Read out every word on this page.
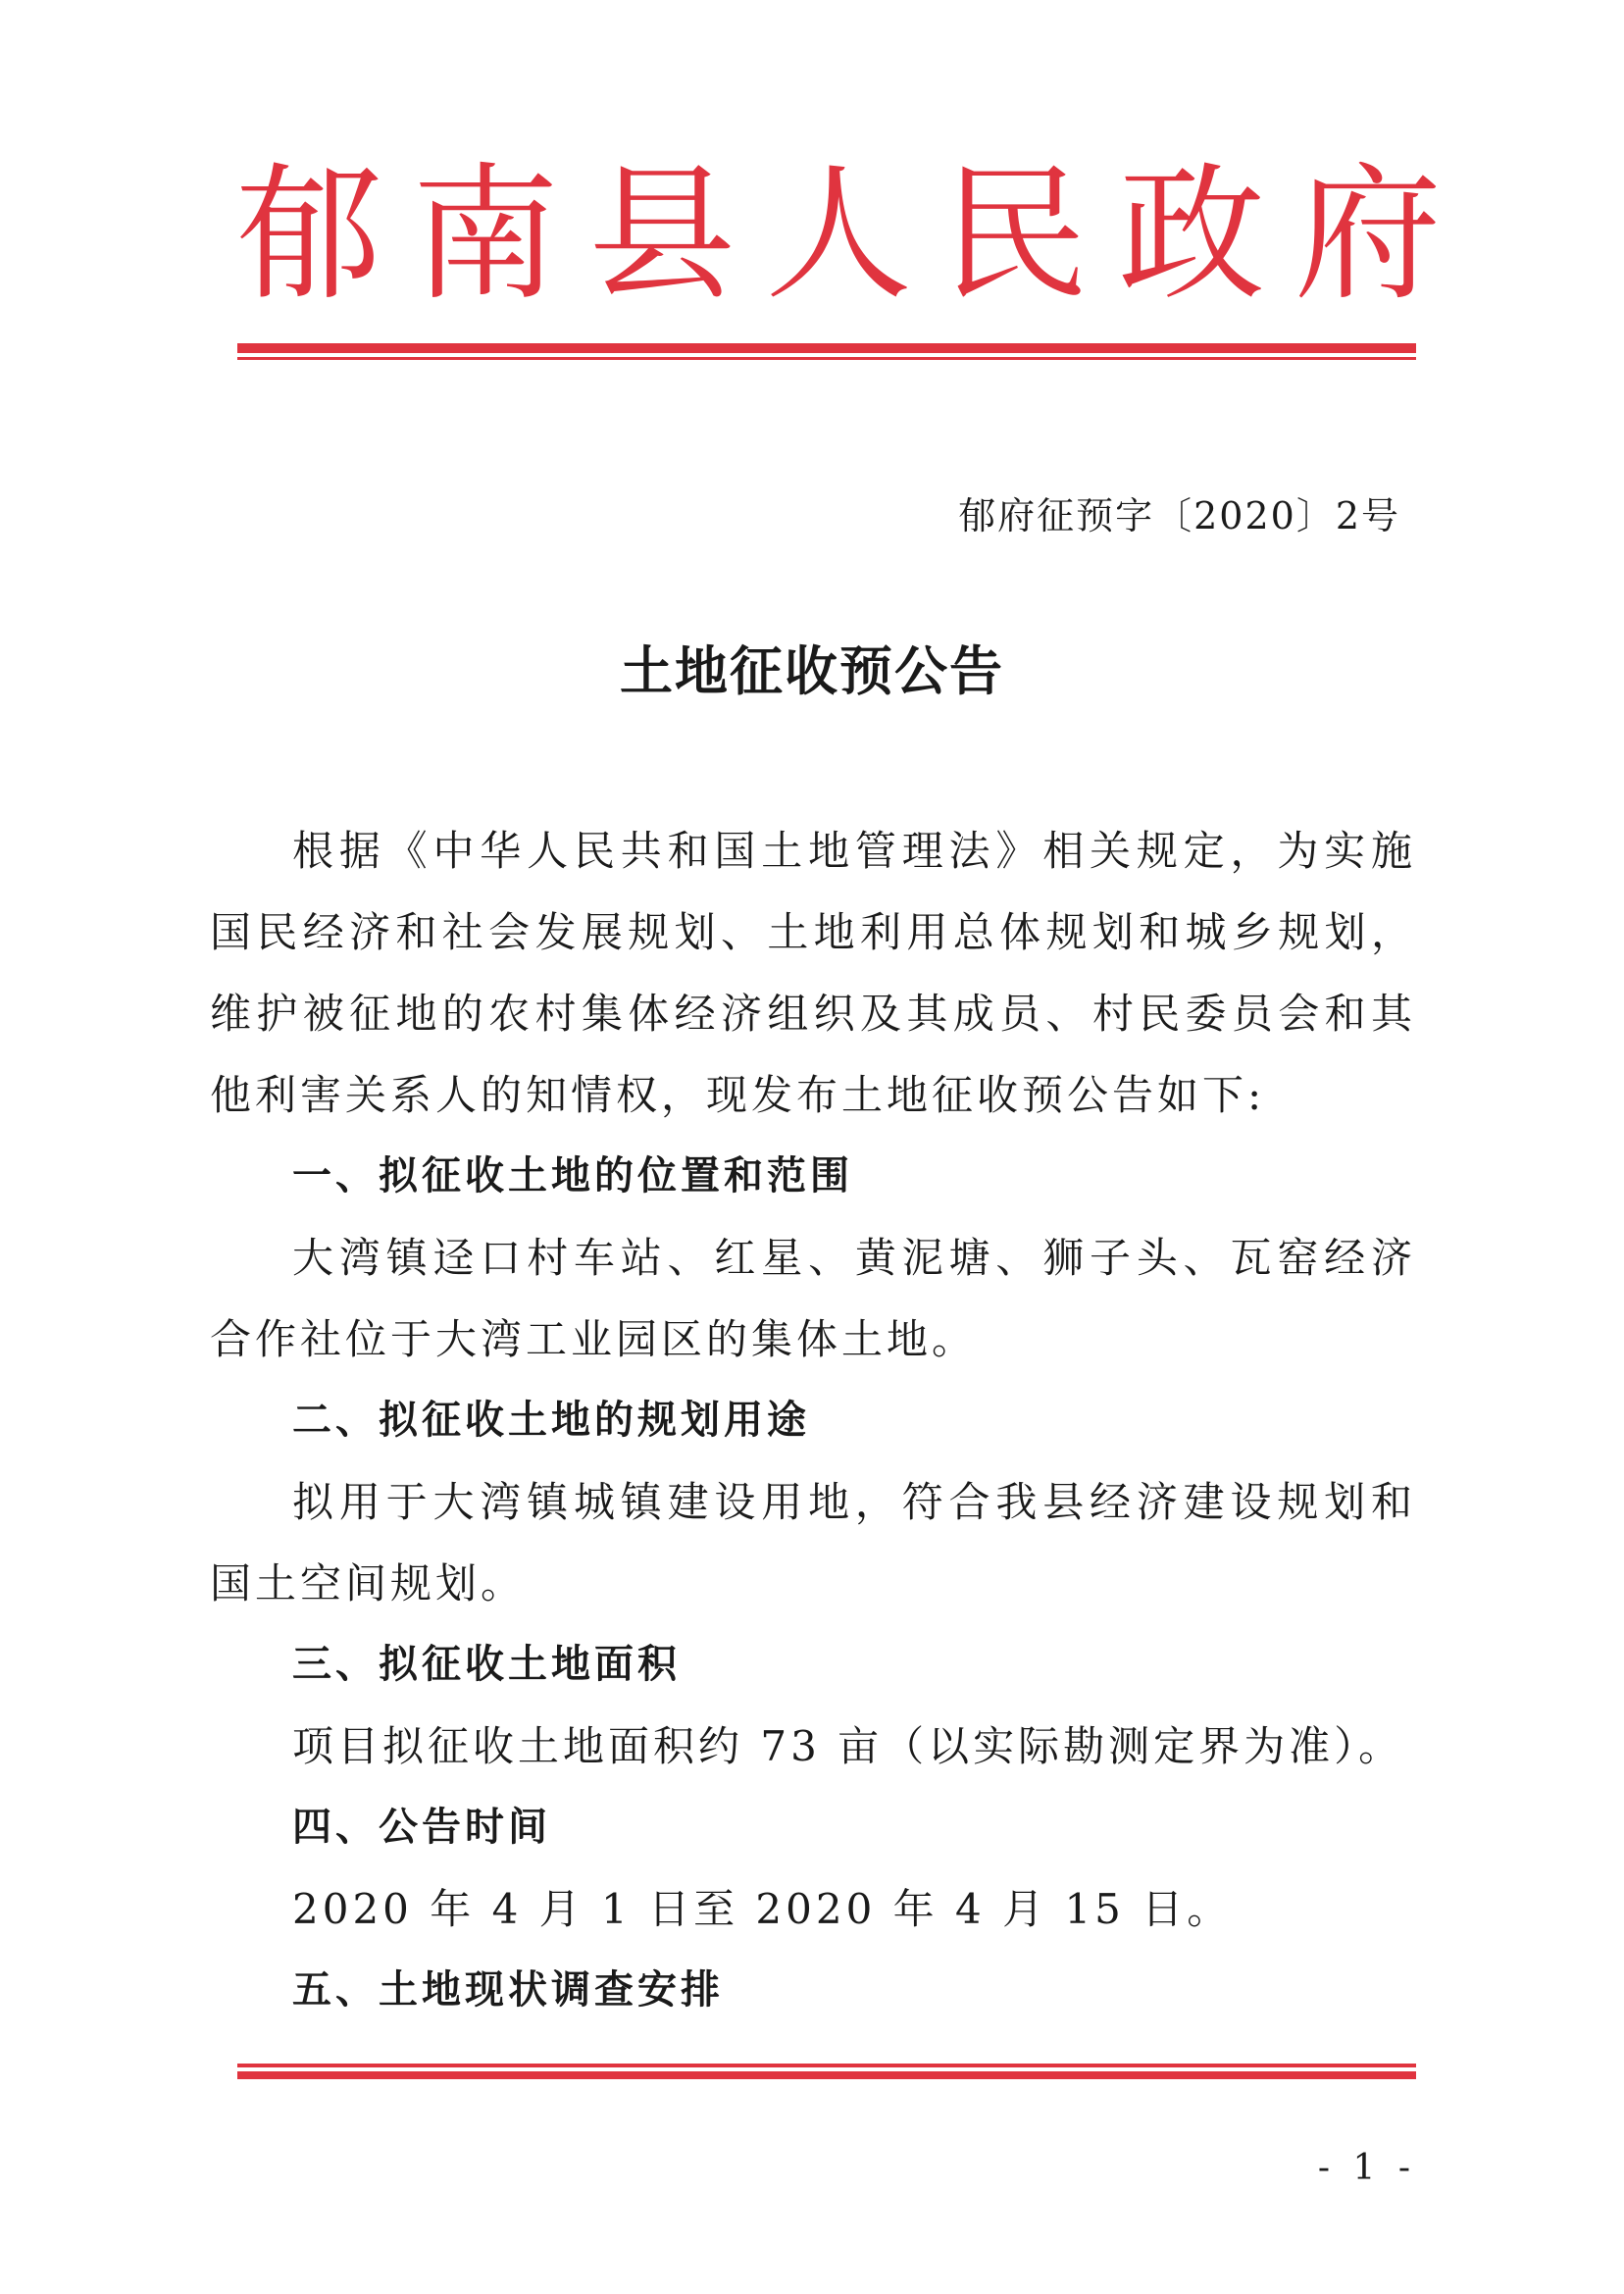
郁南县人民政府
郁府征预字〔2020〕2号
土地征收预公告

根据《中华人民共和国土地管理法》相关规定，为实施国民经济和社会发展规划、土地利用总体规划和城乡规划，维护被征地的农村集体经济组织及其成员、村民委员会和其他利害关系人的知情权，现发布土地征收预公告如下:

一、拟征收土地的位置和范围

大湾镇迳口村车站、红星、黄泥塘、狮子头、瓦窑经济合作社位于大湾工业园区的集体土地。

二、拟征收土地的规划用途

拟用于大湾镇城镇建设用地，符合我县经济建设规划和国土空间规划。

三、拟征收土地面积

项目拟征收土地面积约 73 亩（以实际勘测定界为准）。

四、公告时间

2020 年 4 月 1 日至 2020 年 4 月 15 日。

五、土地现状调查安排
- 1 -
